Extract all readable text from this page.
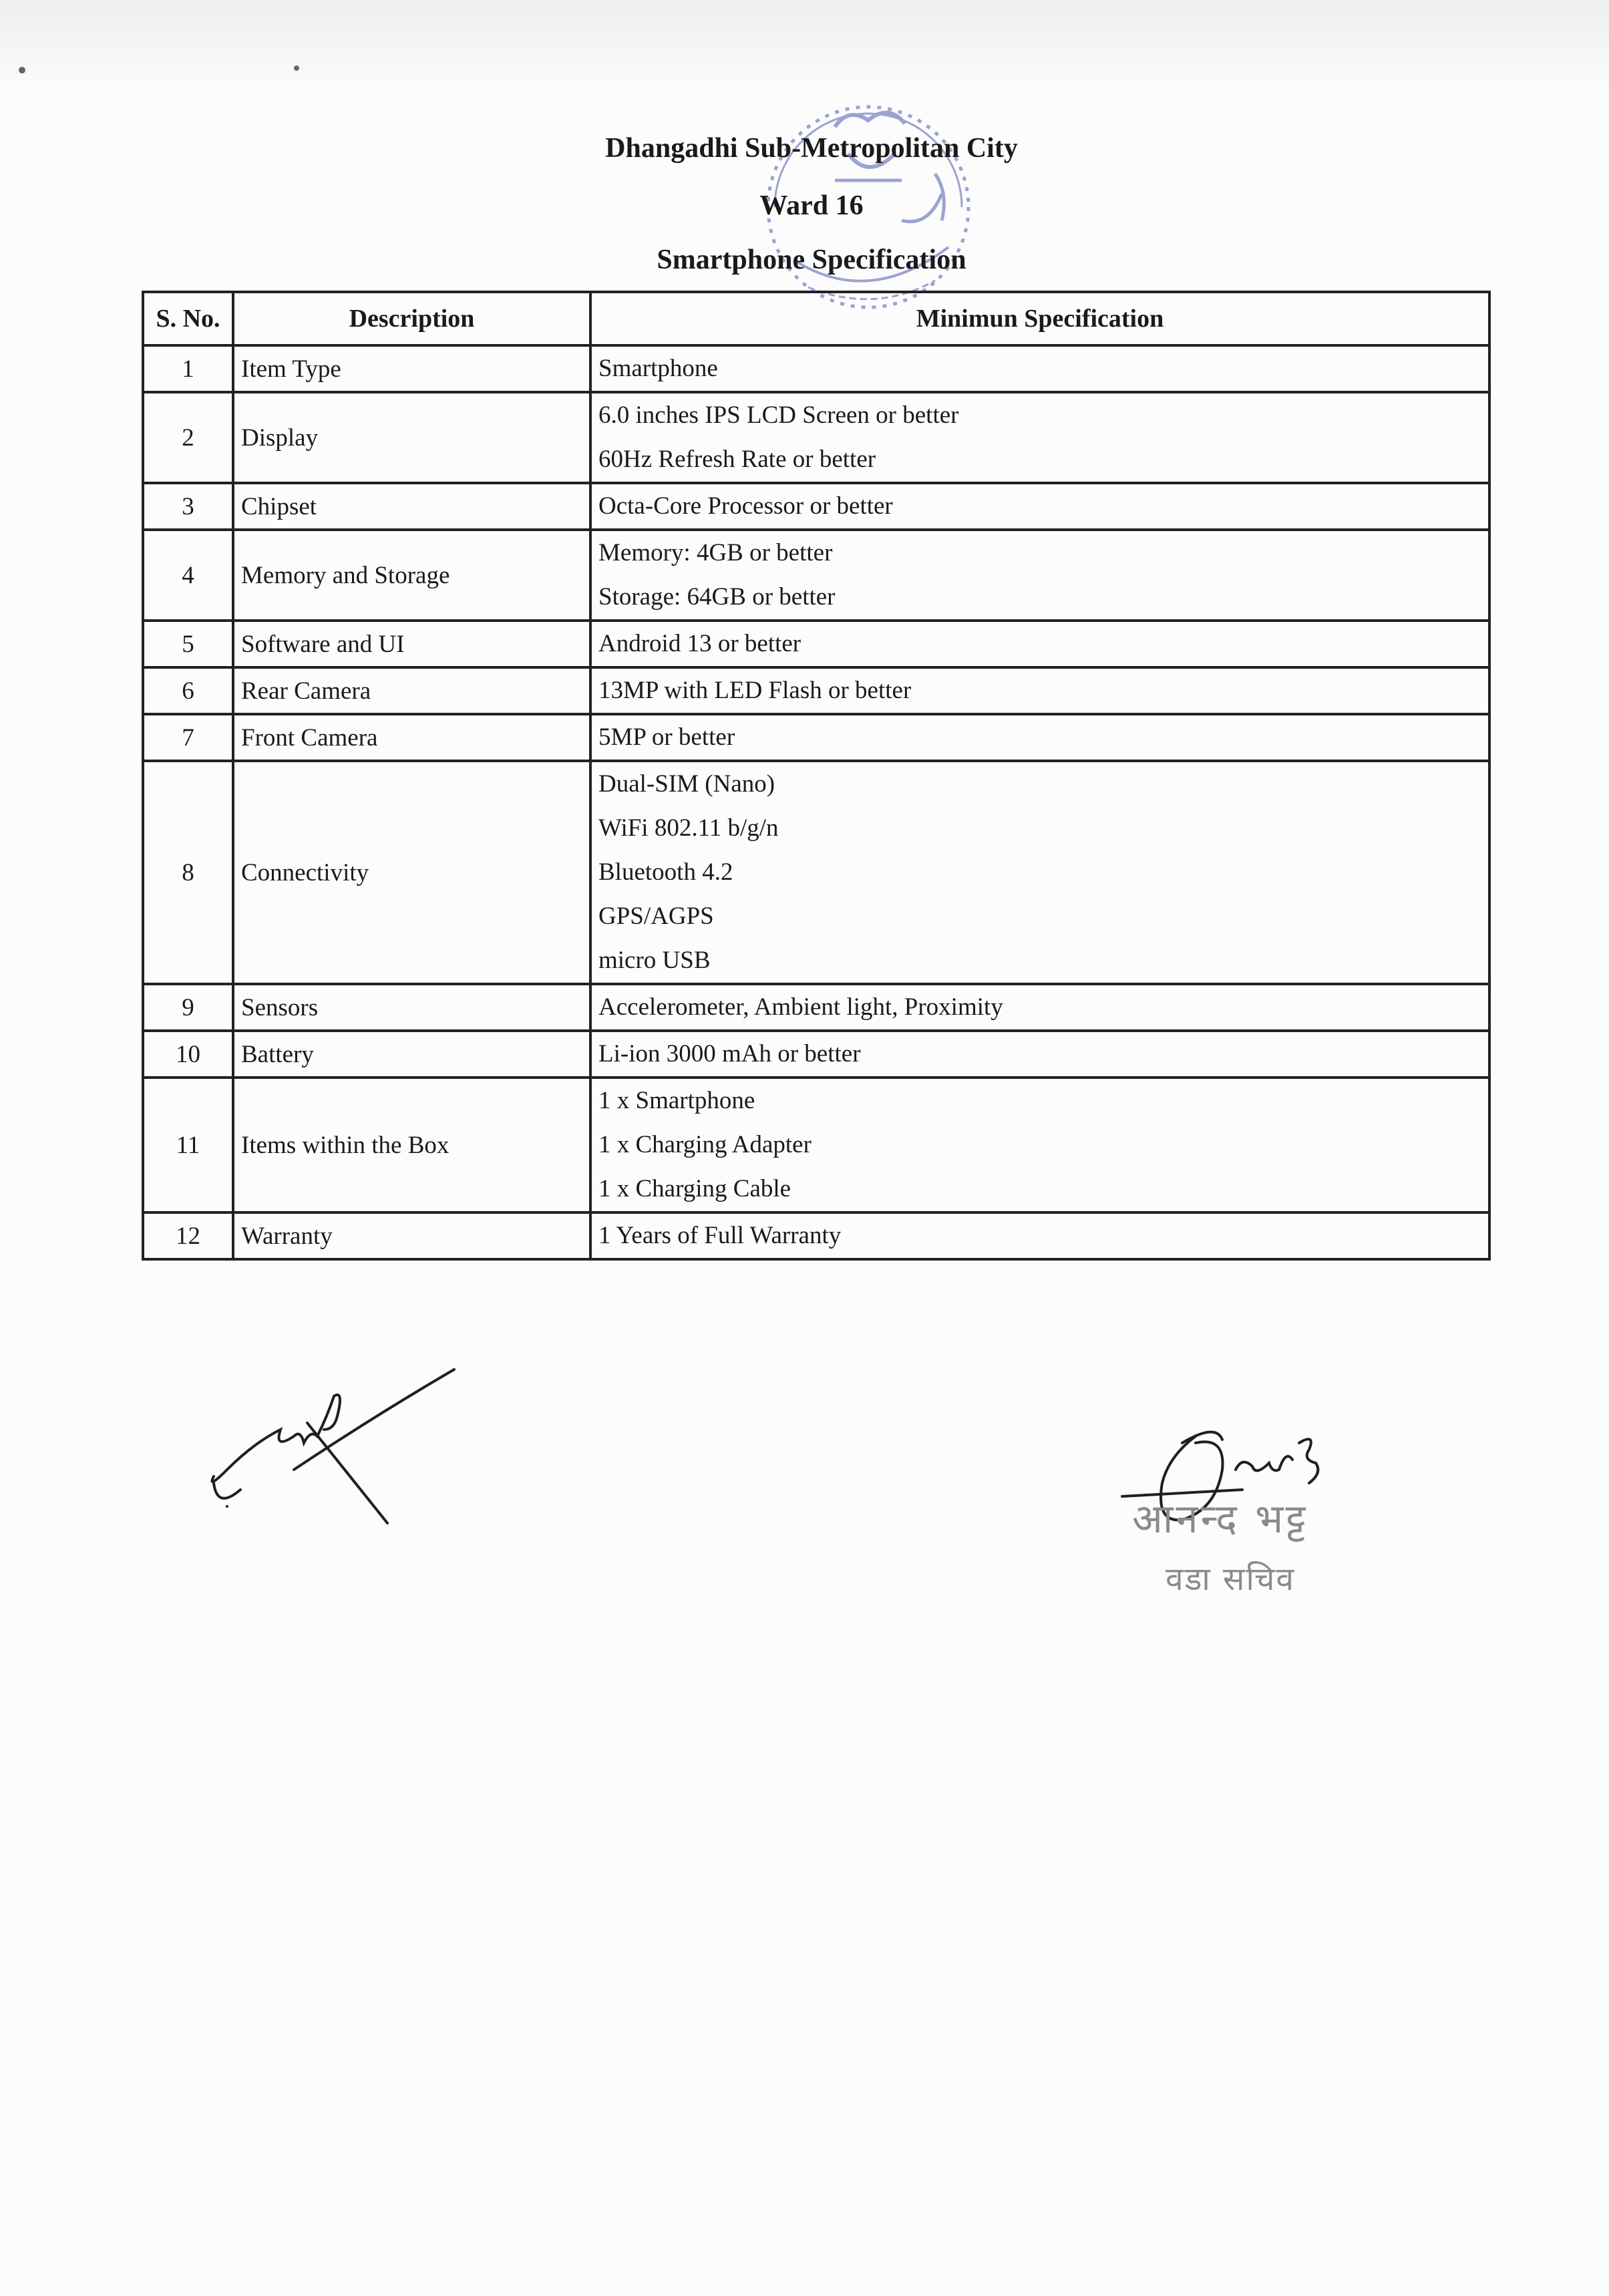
Dhangadhi Sub-Metropolitan City
Ward 16
Smartphone Specification
S. No.	Description	Minimun Specification
1	Item Type	Smartphone

2	Display	6.0 inches IPS LCD Screen or better
60Hz Refresh Rate or better

3	Chipset	Octa-Core Processor or better

4	Memory and Storage	Memory: 4GB or better
Storage: 64GB or better

5	Software and UI	Android 13 or better

6	Rear Camera	13MP with LED Flash or better

7	Front Camera	5MP or better

8	Connectivity	Dual-SIM (Nano)
WiFi 802.11 b/g/n
Bluetooth 4.2
GPS/AGPS
micro USB

9	Sensors	Accelerometer, Ambient light, Proximity

10	Battery	Li-ion 3000 mAh or better

11	Items within the Box	1 x Smartphone
1 x Charging Adapter
1 x Charging Cable

12	Warranty	1 Years of Full Warranty
आनन्द भट्ट
वडा सचिव
